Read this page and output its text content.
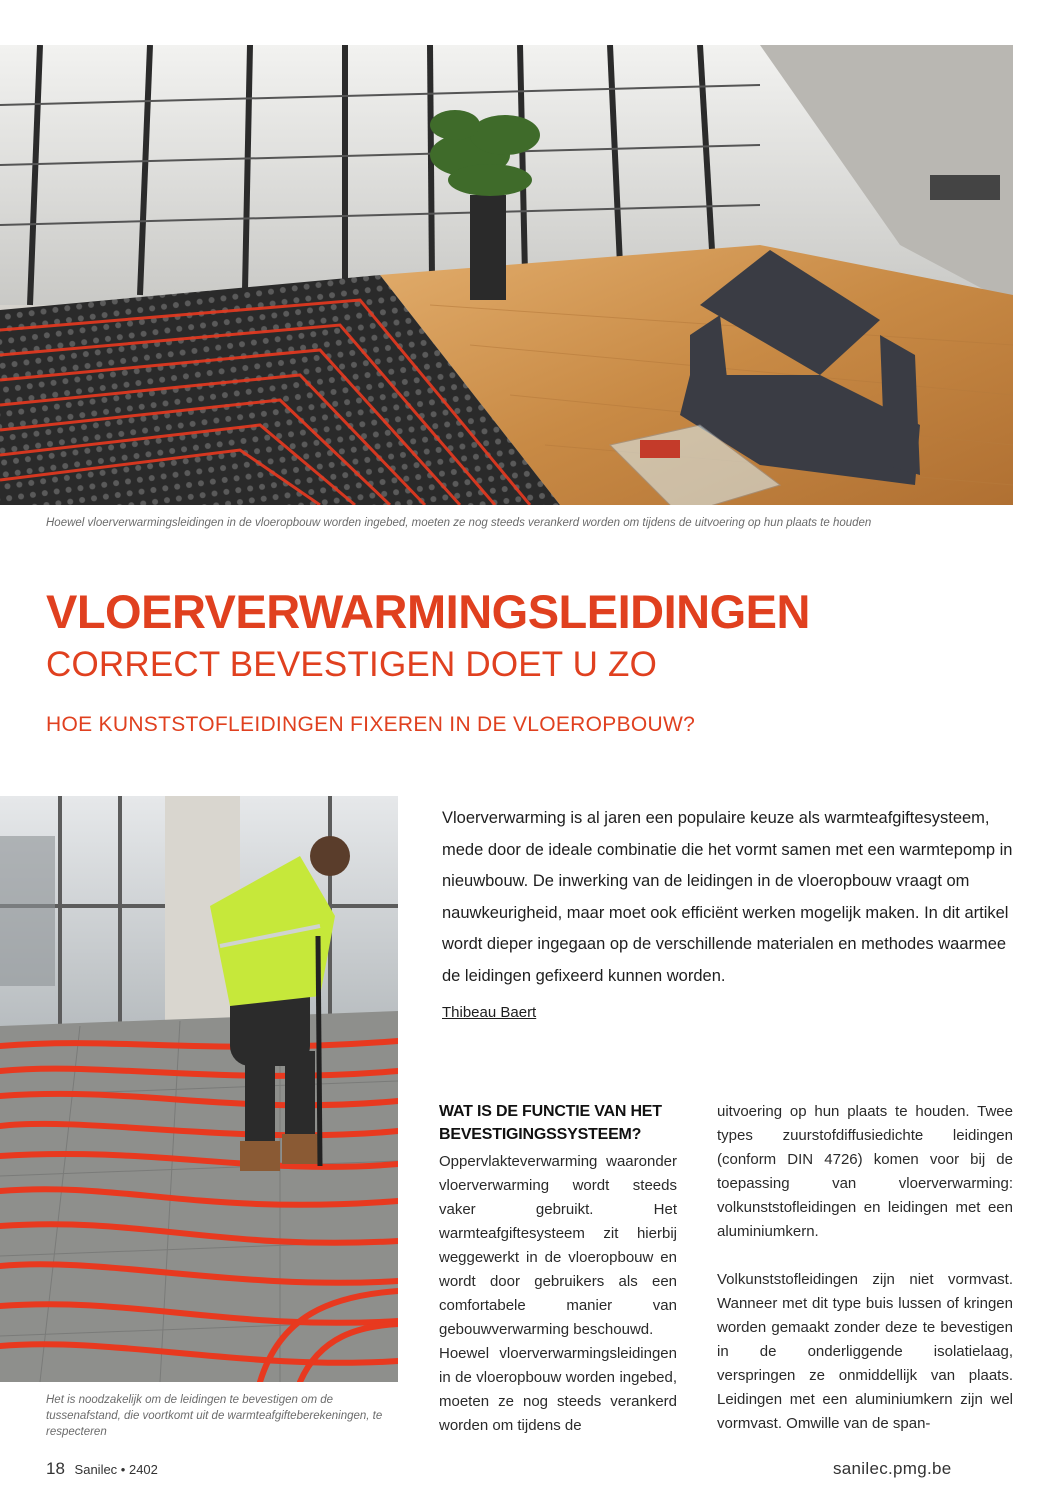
Hoewel vloerverwarmingsleidingen in de vloeropbouw worden ingebed, moeten ze nog steeds verankerd worden om tijdens de uitvoering op hun plaats te houden
VLOERVERWARMINGSLEIDINGEN
CORRECT BEVESTIGEN DOET U ZO
HOE KUNSTSTOFLEIDINGEN FIXEREN IN DE VLOEROPBOUW?
Het is noodzakelijk om de leidingen te bevestigen om de tussenafstand, die voortkomt uit de warmteafgifteberekeningen, te respecteren
Vloerverwarming is al jaren een populaire keuze als warmteafgiftesysteem, mede door de ideale combinatie die het vormt samen met een warmtepomp in nieuwbouw. De inwerking van de leidingen in de vloeropbouw vraagt om nauwkeurigheid, maar moet ook efficiënt werken mogelijk maken. In dit artikel wordt dieper ingegaan op de verschillende materialen en methodes waarmee de leidingen gefixeerd kunnen worden.
Thibeau Baert
WAT IS DE FUNCTIE VAN HET BEVESTIGINGSSYSTEEM?

Oppervlakteverwarming waaronder vloerverwarming wordt steeds vaker gebruikt. Het warmteafgiftesysteem zit hierbij weggewerkt in de vloeropbouw en wordt door gebruikers als een comfortabele manier van gebouwverwarming beschouwd.

Hoewel vloerverwarmingsleidingen in de vloeropbouw worden ingebed, moeten ze nog steeds verankerd worden om tijdens de

uitvoering op hun plaats te houden. Twee types zuurstofdiffusiedichte leidingen (conform DIN 4726) komen voor bij de toepassing van vloerverwarming: volkunststofleidingen en leidingen met een aluminiumkern.

Volkunststofleidingen zijn niet vormvast. Wanneer met dit type buis lussen of kringen worden gemaakt zonder deze te bevestigen in de onderliggende isolatielaag, verspringen ze onmiddellijk van plaats. Leidingen met een aluminiumkern zijn wel vormvast. Omwille van de span-

18 Sanilec • 2402	sanilec.pmg.be
